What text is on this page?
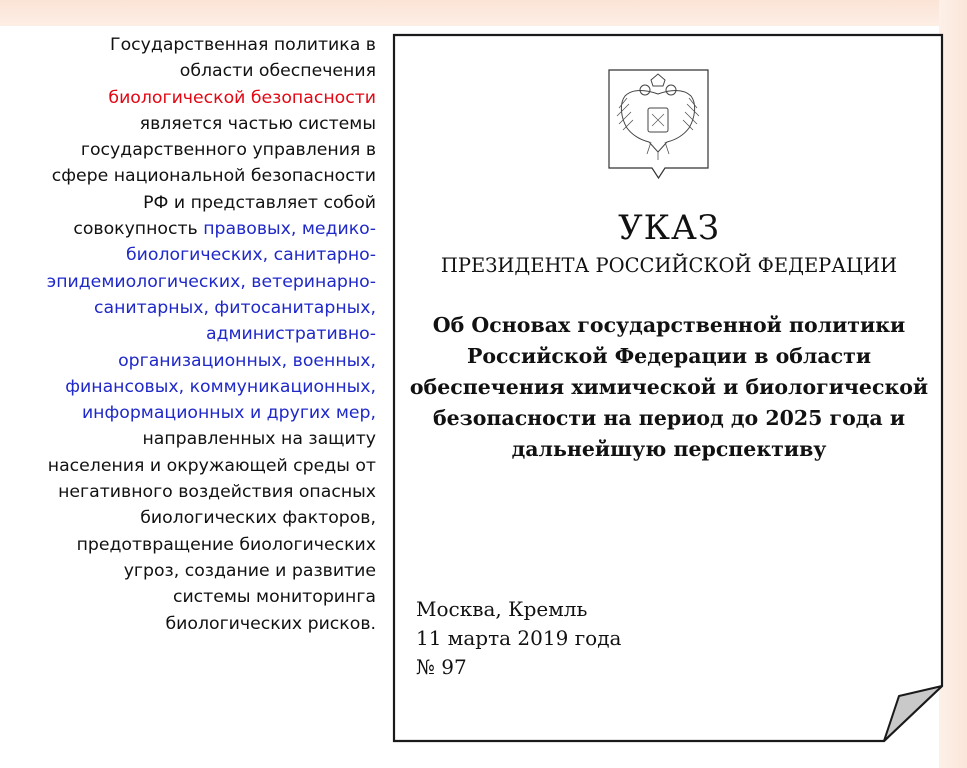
Государственная политика в
области обеспечения
биологической безопасности
является частью системы
государственного управления в
сфере национальной безопасности
РФ и представляет собой
совокупность правовых, медико-
биологических, санитарно-
эпидемиологических, ветеринарно-
санитарных, фитосанитарных,
административно-
организационных, военных,
финансовых, коммуникационных,
информационных и других мер,
направленных на защиту
населения и окружающей среды от
негативного воздействия опасных
биологических факторов,
предотвращение биологических
угроз, создание и развитие
системы мониторинга
биологических рисков.
УКАЗ
ПРЕЗИДЕНТА РОССИЙСКОЙ ФЕДЕРАЦИИ
Об Основах государственной политики
Российской Федерации в области
обеспечения химической и биологической
безопасности на период до 2025 года и
дальнейшую перспективу
Москва, Кремль
11 марта 2019 года
№ 97
